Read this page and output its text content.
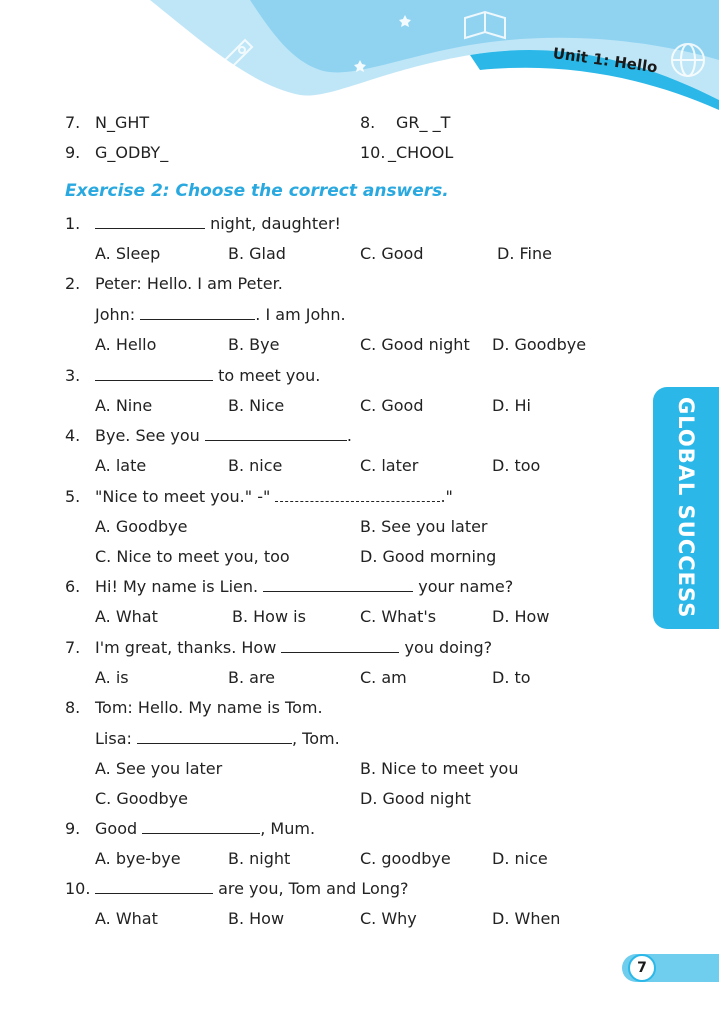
Unit 1: Hello
7. N_GHT	8. GR_ _T
9. G_ODBY_	10. _CHOOL
Exercise 2: Choose the correct answers.
1.	night, daughter!
A. Sleep	B. Glad	C. Good	D. Fine
2. Peter: Hello. I am Peter.
John:	. I am John.
A. Hello	B. Bye	C. Good night D. Goodbye
3.	to meet you.
A. Nine	B. Nice	C. Good	D. Hi
4. Bye. See you	.
A. late	B. nice	C. later	D. too
5. "Nice to meet you." -"	."
A. Goodbye	B. See you later
C. Nice to meet you, too	D. Good morning
6. Hi! My name is Lien.	your name?
A. What	B. How is	C. What's	D. How
7. I'm great, thanks. How	you doing?
A. is	B. are	C. am	D. to
8. Tom: Hello. My name is Tom.
Lisa:	, Tom.
A. See you later	B. Nice to meet you
C. Goodbye	D. Good night
9. Good	, Mum.
A. bye-bye	B. night	C. goodbye	D. nice
10.	are you, Tom and Long?
A. What	B. How	C. Why	D. When
GLOBAL SUCCESS
7
